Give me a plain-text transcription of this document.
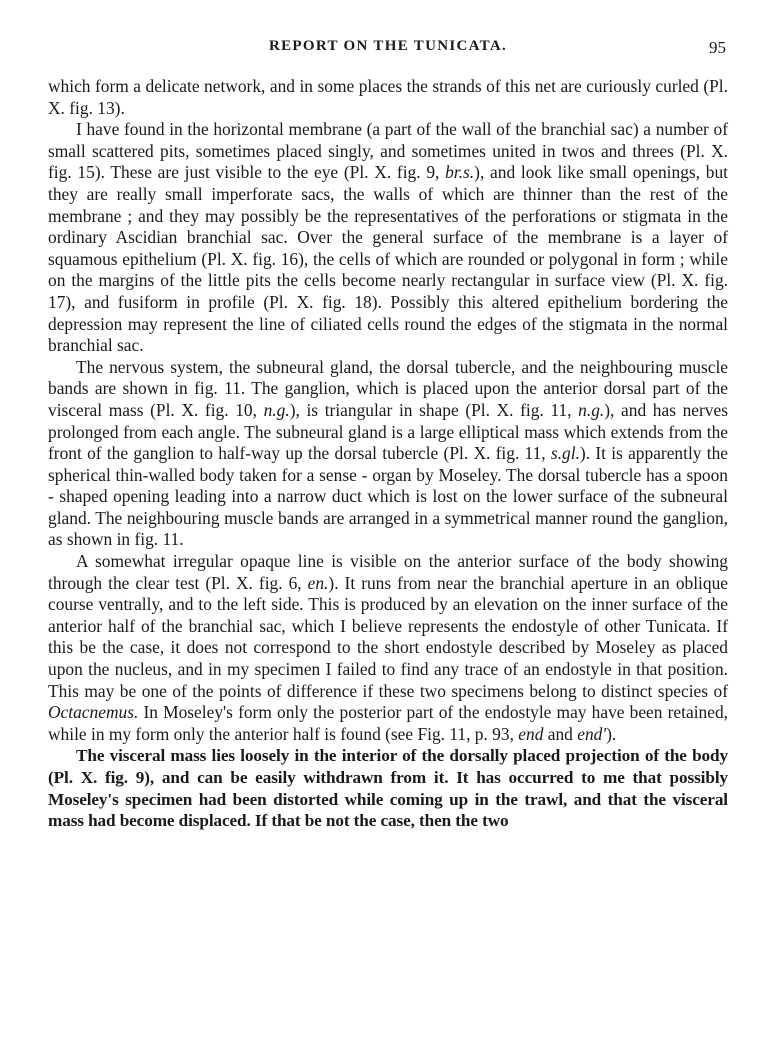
REPORT ON THE TUNICATA.	95

which form a delicate network, and in some places the strands of this net are curiously curled (Pl. X. fig. 13).

I have found in the horizontal membrane (a part of the wall of the branchial sac) a number of small scattered pits, sometimes placed singly, and sometimes united in twos and threes (Pl. X. fig. 15). These are just visible to the eye (Pl. X. fig. 9, br.s.), and look like small openings, but they are really small imperforate sacs, the walls of which are thinner than the rest of the membrane ; and they may possibly be the representatives of the perforations or stigmata in the ordinary Ascidian branchial sac. Over the general surface of the membrane is a layer of squamous epithelium (Pl. X. fig. 16), the cells of which are rounded or polygonal in form ; while on the margins of the little pits the cells become nearly rectangular in surface view (Pl. X. fig. 17), and fusiform in profile (Pl. X. fig. 18). Possibly this altered epithelium bordering the depression may represent the line of ciliated cells round the edges of the stigmata in the normal branchial sac.

The nervous system, the subneural gland, the dorsal tubercle, and the neighbouring muscle bands are shown in fig. 11. The ganglion, which is placed upon the anterior dorsal part of the visceral mass (Pl. X. fig. 10, n.g.), is triangular in shape (Pl. X. fig. 11, n.g.), and has nerves prolonged from each angle. The subneural gland is a large elliptical mass which extends from the front of the ganglion to half-way up the dorsal tubercle (Pl. X. fig. 11, s.gl.). It is apparently the spherical thin-walled body taken for a sense - organ by Moseley. The dorsal tubercle has a spoon - shaped opening leading into a narrow duct which is lost on the lower surface of the subneural gland. The neighbouring muscle bands are arranged in a symmetrical manner round the ganglion, as shown in fig. 11.

A somewhat irregular opaque line is visible on the anterior surface of the body showing through the clear test (Pl. X. fig. 6, en.). It runs from near the branchial aperture in an oblique course ventrally, and to the left side. This is produced by an elevation on the inner surface of the anterior half of the branchial sac, which I believe represents the endostyle of other Tunicata. If this be the case, it does not correspond to the short endostyle described by Moseley as placed upon the nucleus, and in my specimen I failed to find any trace of an endostyle in that position. This may be one of the points of difference if these two specimens belong to distinct species of Octacnemus. In Moseley's form only the posterior part of the endostyle may have been retained, while in my form only the anterior half is found (see Fig. 11, p. 93, end and end').

The visceral mass lies loosely in the interior of the dorsally placed projection of the body (Pl. X. fig. 9), and can be easily withdrawn from it. It has occurred to me that possibly Moseley's specimen had been distorted while coming up in the trawl, and that the visceral mass had become displaced. If that be not the case, then the two
